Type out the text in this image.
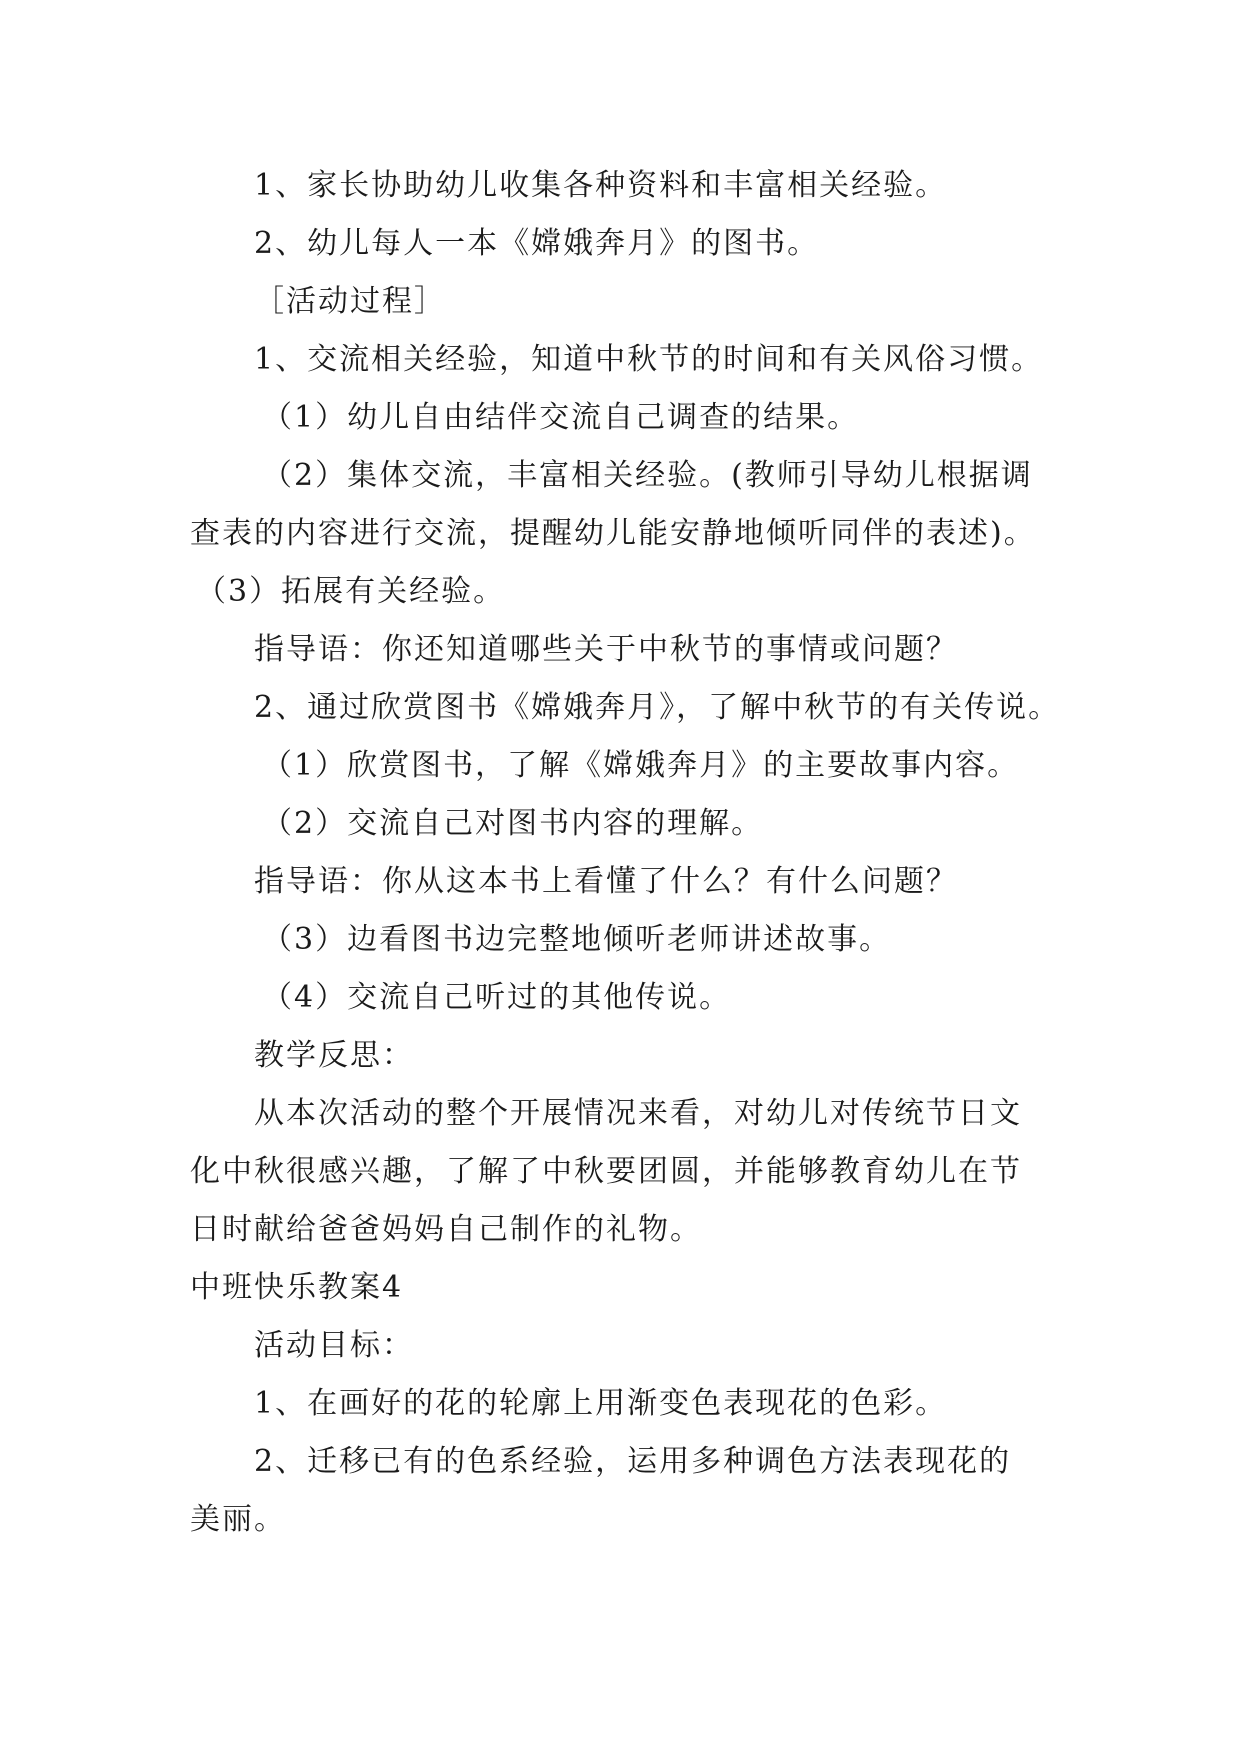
1、家长协助幼儿收集各种资料和丰富相关经验。
2、幼儿每人一本《嫦娥奔月》的图书。
［活动过程］
1、交流相关经验，知道中秋节的时间和有关风俗习惯。
（1）幼儿自由结伴交流自己调查的结果。
（2）集体交流，丰富相关经验。(教师引导幼儿根据调
查表的内容进行交流，提醒幼儿能安静地倾听同伴的表述)。
（3）拓展有关经验。
指导语：你还知道哪些关于中秋节的事情或问题？
2、通过欣赏图书《嫦娥奔月》，了解中秋节的有关传说。
（1）欣赏图书，了解《嫦娥奔月》的主要故事内容。
（2）交流自己对图书内容的理解。
指导语：你从这本书上看懂了什么？有什么问题？
（3）边看图书边完整地倾听老师讲述故事。
（4）交流自己听过的其他传说。
教学反思：
从本次活动的整个开展情况来看，对幼儿对传统节日文
化中秋很感兴趣，了解了中秋要团圆，并能够教育幼儿在节
日时献给爸爸妈妈自己制作的礼物。
中班快乐教案4
活动目标：
1、在画好的花的轮廓上用渐变色表现花的色彩。
2、迁移已有的色系经验，运用多种调色方法表现花的
美丽。
